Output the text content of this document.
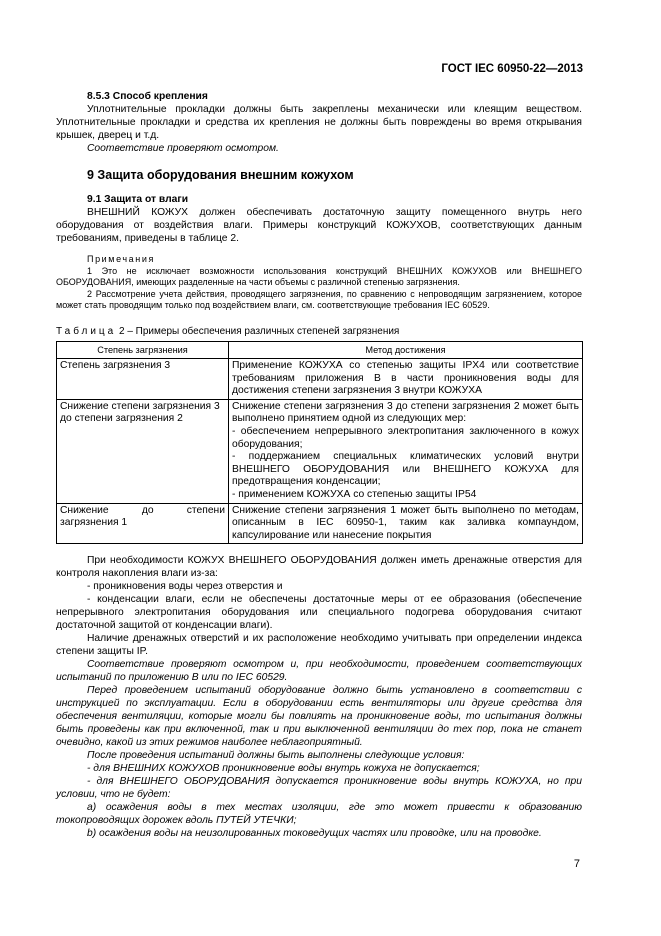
ГОСТ IEC 60950-22—2013
8.5.3 Способ крепления
Уплотнительные прокладки должны быть закреплены механически или клеящим веществом. Уплотнительные прокладки и средства их крепления не должны быть повреждены во время открывания крышек, дверец и т.д.
Соответствие проверяют осмотром.
9 Защита оборудования внешним кожухом
9.1 Защита от влаги
ВНЕШНИЙ КОЖУХ должен обеспечивать достаточную защиту помещенного внутрь него оборудования от воздействия влаги. Примеры конструкций КОЖУХОВ, соответствующих данным требованиям, приведены в таблице 2.
Примечания
1 Это не исключает возможности использования конструкций ВНЕШНИХ КОЖУХОВ или ВНЕШНЕГО ОБОРУДОВАНИЯ, имеющих разделенные на части объемы с различной степенью загрязнения.
2 Рассмотрение учета действия, проводящего загрязнения, по сравнению с непроводящим загрязнением, которое может стать проводящим только под воздействием влаги, см. соответствующие требования IEC 60529.
Таблица 2 – Примеры обеспечения различных степеней загрязнения
Степень загрязнения	Метод достижения
Степень загрязнения 3	Применение КОЖУХА со степенью защиты IPX4 или соответствие требованиям приложения В в части проникновения воды для достижения степени загрязнения 3 внутри КОЖУХА
Снижение степени загрязнения 3 до степени загрязнения 2	Снижение степени загрязнения 3 до степени загрязнения 2 может быть выполнено принятием одной из следующих мер:
- обеспечением непрерывного электропитания заключенного в кожух оборудования;
- поддержанием специальных климатических условий внутри ВНЕШНЕГО ОБОРУДОВАНИЯ или ВНЕШНЕГО КОЖУХА для предотвращения конденсации;
- применением КОЖУХА со степенью защиты IP54
Снижение до степени загрязнения 1	Снижение степени загрязнения 1 может быть выполнено по методам, описанным в IEC 60950-1, таким как заливка компаундом, капсулирование или нанесение покрытия
При необходимости КОЖУХ ВНЕШНЕГО ОБОРУДОВАНИЯ должен иметь дренажные отверстия для контроля накопления влаги из-за:
- проникновения воды через отверстия и
- конденсации влаги, если не обеспечены достаточные меры от ее образования (обеспечение непрерывного электропитания оборудования или специального подогрева оборудования считают достаточной защитой от конденсации влаги).
Наличие дренажных отверстий и их расположение необходимо учитывать при определении индекса степени защиты IP.
Соответствие проверяют осмотром и, при необходимости, проведением соответствующих испытаний по приложению В или по IEC 60529.
Перед проведением испытаний оборудование должно быть установлено в соответствии с инструкцией по эксплуатации. Если в оборудовании есть вентиляторы или другие средства для обеспечения вентиляции, которые могли бы повлиять на проникновение воды, то испытания должны быть проведены как при включенной, так и при выключенной вентиляции до тех пор, пока не станет очевидно, какой из этих режимов наиболее неблагоприятный.
После проведения испытаний должны быть выполнены следующие условия:
- для ВНЕШНИХ КОЖУХОВ проникновение воды внутрь кожуха не допускается;
- для ВНЕШНЕГО ОБОРУДОВАНИЯ допускается проникновение воды внутрь КОЖУХА, но при условии, что не будет:
a) осаждения воды в тех местах изоляции, где это может привести к образованию токопроводящих дорожек вдоль ПУТЕЙ УТЕЧКИ;
b) осаждения воды на неизолированных токоведущих частях или проводке, или на проводке.
7
